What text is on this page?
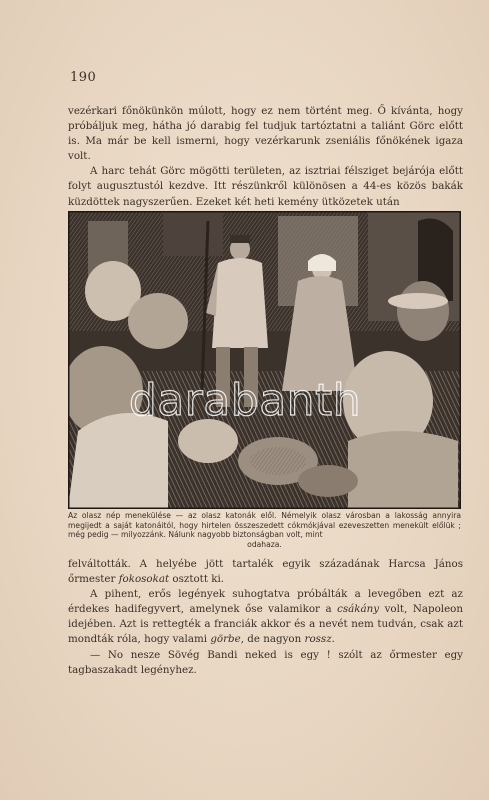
190

vezérkari főnökünkön múlott, hogy ez nem történt meg. Ő kívánta, hogy próbáljuk meg, hátha jó darabig fel tudjuk tartóztatni a taliánt Görc előtt is. Ma már be kell ismerni, hogy vezérkarunk zseniális főnökének igaza volt.

A harc tehát Görc mögötti területen, az isztriai félsziget bejárója előtt folyt augusztustól kezdve. Itt részünkről különösen a 44-es közös bakák küzdöttek nagyszerűen. Ezeket két heti kemény ütközetek után

darabanth
Az olasz nép menekülése — az olasz katonák elől. Némelyik olasz városban a lakosság annyira megijedt a saját katonáitól, hogy hirtelen összeszedett cókmókjával ezeveszetten menekült előlük ; még pedig — milyozzánk. Nálunk nagyobb biztonságban volt, mint
odahaza.

felváltották. A helyébe jött tartalék egyik századának Harcsa János őrmester fokosokat osztott ki.

A pihent, erős legények suhogtatva próbálták a levegőben ezt az érdekes hadifegyvert, amelynek őse valamikor a csákány volt, Napoleon idejében. Azt is rettegték a franciák akkor és a nevét nem tudván, csak azt mondták róla, hogy valami görbe, de nagyon rossz.

— No nesze Sövég Bandi neked is egy ! szólt az őrmester egy tagbaszakadt legényhez.
